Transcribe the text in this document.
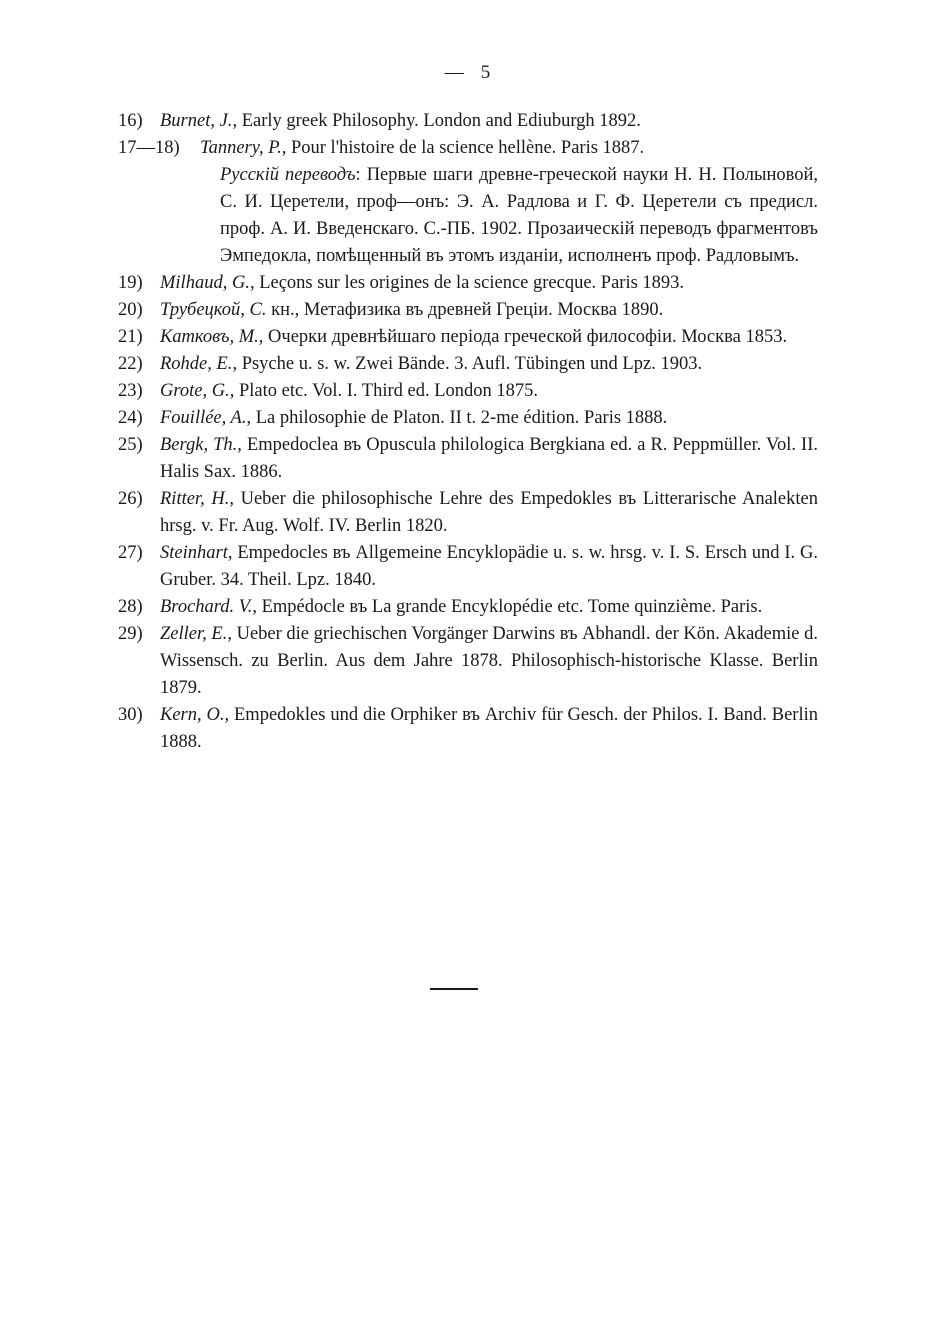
— 5
16) Burnet, J., Early greek Philosophy. London and Ediuburgh 1892.
17—18) Tannery, P., Pour l'histoire de la science hellène. Paris 1887.
Русскій переводъ: Первые шаги древне-греческой науки Н. Н. Полыновой, С. И. Церетели, проф—онъ: Э. А. Радлова и Г. Ф. Церетели съ предисл. проф. А. И. Введенскаго. С.-ПБ. 1902. Прозаическій переводъ фрагментовъ Эмпедокла, помѣщенный въ этомъ изданіи, исполненъ проф. Радловымъ.
19) Milhaud, G., Leçons sur les origines de la science grecque. Paris 1893.
20) Трубецкой, С. кн., Метафизика въ древней Греціи. Москва 1890.
21) Катковъ, М., Очерки древнѣйшаго періода греческой философіи. Москва 1853.
22) Rohde, E., Psyche u. s. w. Zwei Bände. 3. Aufl. Tübingen und Lpz. 1903.
23) Grote, G., Plato etc. Vol. I. Third ed. London 1875.
24) Fouillée, A., La philosophie de Platon. II t. 2-me édition. Paris 1888.
25) Bergk, Th., Empedoclea въ Opuscula philologica Bergkiana ed. a R. Peppmüller. Vol. II. Halis Sax. 1886.
26) Ritter, H., Ueber die philosophische Lehre des Empedokles въ Litterarische Analekten hrsg. v. Fr. Aug. Wolf. IV. Berlin 1820.
27) Steinhart, Empedocles въ Allgemeine Encyklopädie u. s. w. hrsg. v. I. S. Ersch und I. G. Gruber. 34. Theil. Lpz. 1840.
28) Brochard. V., Empédocle въ La grande Encyklopédie etc. Tome quinzième. Paris.
29) Zeller, E., Ueber die griechischen Vorgänger Darwins въ Abhandl. der Kön. Akademie d. Wissensch. zu Berlin. Aus dem Jahre 1878. Philosophisch-historische Klasse. Berlin 1879.
30) Kern, O., Empedokles und die Orphiker въ Archiv für Gesch. der Philos. I. Band. Berlin 1888.
